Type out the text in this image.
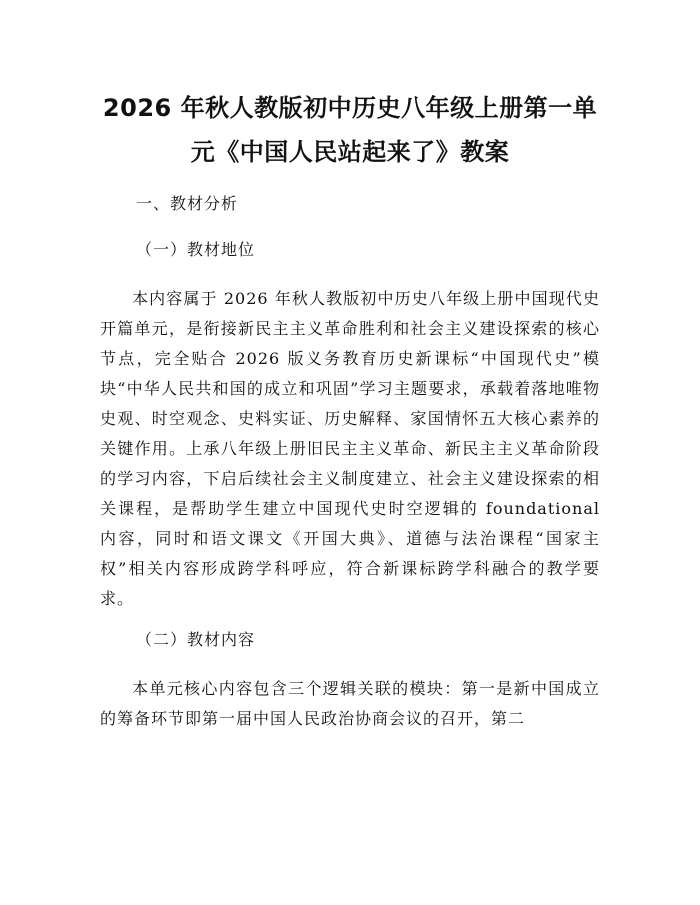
2026 年秋人教版初中历史八年级上册第一单
元《中国人民站起来了》教案

一、教材分析

（一）教材地位

本内容属于 2026 年秋人教版初中历史八年级上册中国现代史开篇单元，是衔接新民主主义革命胜利和社会主义建设探索的核心节点，完全贴合 2026 版义务教育历史新课标“中国现代史”模块“中华人民共和国的成立和巩固”学习主题要求，承载着落地唯物史观、时空观念、史料实证、历史解释、家国情怀五大核心素养的关键作用。上承八年级上册旧民主主义革命、新民主主义革命阶段的学习内容，下启后续社会主义制度建立、社会主义建设探索的相关课程，是帮助学生建立中国现代史时空逻辑的 foundational 内容，同时和语文课文《开国大典》、道德与法治课程“国家主权”相关内容形成跨学科呼应，符合新课标跨学科融合的教学要求。

（二）教材内容

本单元核心内容包含三个逻辑关联的模块：第一是新中国成立的筹备环节即第一届中国人民政治协商会议的召开，第二
